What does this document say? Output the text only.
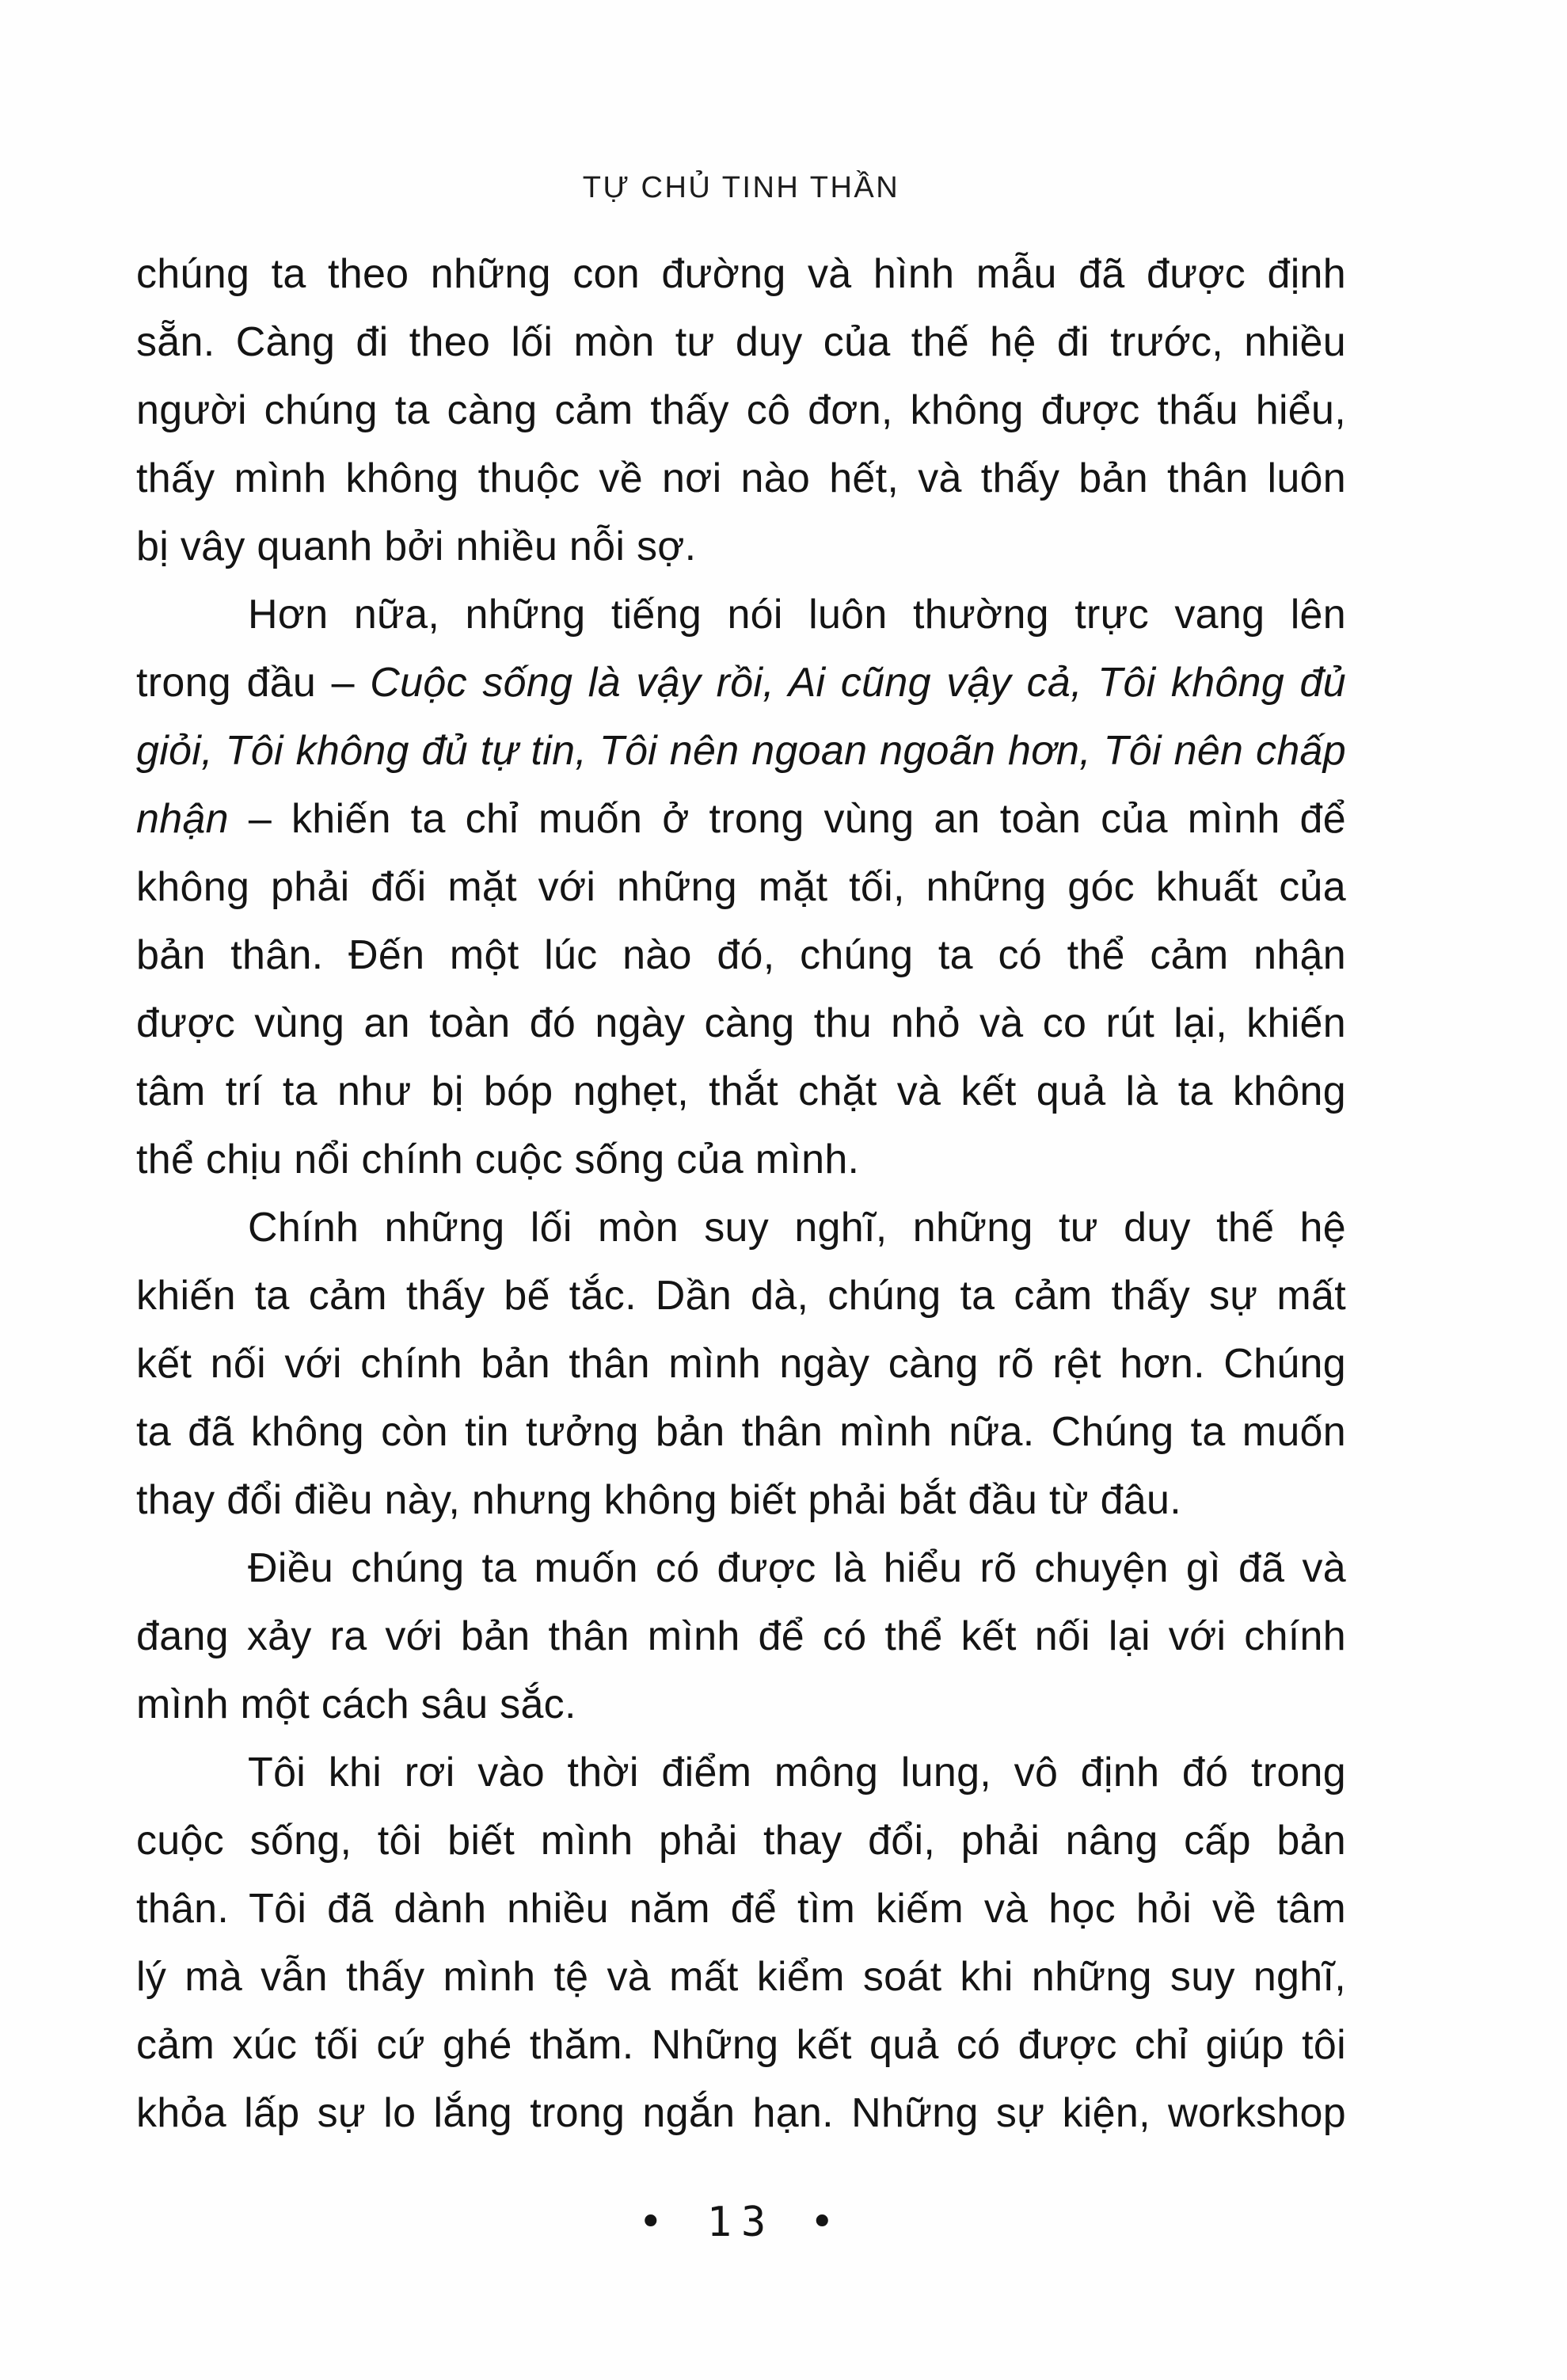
TỰ CHỦ TINH THẦN
chúng ta theo những con đường và hình mẫu đã được định
sẵn. Càng đi theo lối mòn tư duy của thế hệ đi trước, nhiều
người chúng ta càng cảm thấy cô đơn, không được thấu hiểu,
thấy mình không thuộc về nơi nào hết, và thấy bản thân luôn
bị vây quanh bởi nhiều nỗi sợ.
Hơn nữa, những tiếng nói luôn thường trực vang lên
trong đầu – Cuộc sống là vậy rồi, Ai cũng vậy cả, Tôi không đủ
giỏi, Tôi không đủ tự tin, Tôi nên ngoan ngoãn hơn, Tôi nên chấp
nhận – khiến ta chỉ muốn ở trong vùng an toàn của mình để
không phải đối mặt với những mặt tối, những góc khuất của
bản thân. Đến một lúc nào đó, chúng ta có thể cảm nhận
được vùng an toàn đó ngày càng thu nhỏ và co rút lại, khiến
tâm trí ta như bị bóp nghẹt, thắt chặt và kết quả là ta không
thể chịu nổi chính cuộc sống của mình.
Chính những lối mòn suy nghĩ, những tư duy thế hệ
khiến ta cảm thấy bế tắc. Dần dà, chúng ta cảm thấy sự mất
kết nối với chính bản thân mình ngày càng rõ rệt hơn. Chúng
ta đã không còn tin tưởng bản thân mình nữa. Chúng ta muốn
thay đổi điều này, nhưng không biết phải bắt đầu từ đâu.
Điều chúng ta muốn có được là hiểu rõ chuyện gì đã và
đang xảy ra với bản thân mình để có thể kết nối lại với chính
mình một cách sâu sắc.
Tôi khi rơi vào thời điểm mông lung, vô định đó trong
cuộc sống, tôi biết mình phải thay đổi, phải nâng cấp bản
thân. Tôi đã dành nhiều năm để tìm kiếm và học hỏi về tâm
lý mà vẫn thấy mình tệ và mất kiểm soát khi những suy nghĩ,
cảm xúc tối cứ ghé thăm. Những kết quả có được chỉ giúp tôi
khỏa lấp sự lo lắng trong ngắn hạn. Những sự kiện, workshop
• 13 •
